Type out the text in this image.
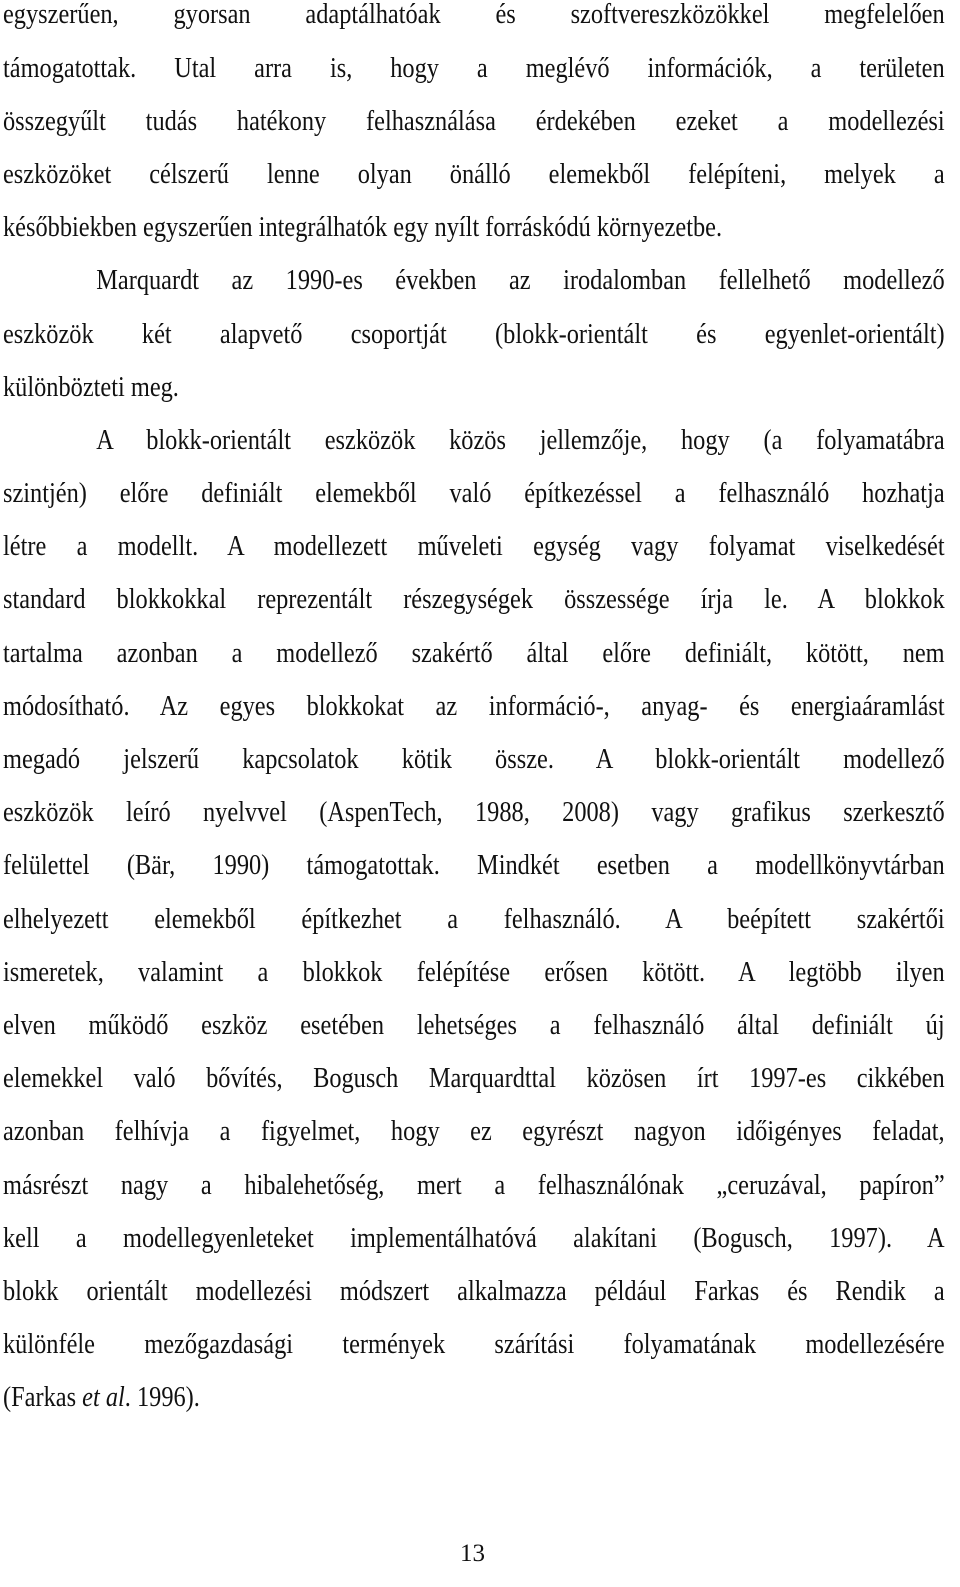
egyszerűen, gyorsan adaptálhatóak és szoftvereszközökkel megfelelően
támogatottak. Utal arra is, hogy a meglévő információk, a területen
összegyűlt tudás hatékony felhasználása érdekében ezeket a modellezési
eszközöket célszerű lenne olyan önálló elemekből felépíteni, melyek a
későbbiekben egyszerűen integrálhatók egy nyílt forráskódú környezetbe.
Marquardt az 1990-es években az irodalomban fellelhető modellező
eszközök két alapvető csoportját (blokk-orientált és egyenlet-orientált)
különbözteti meg.
A blokk-orientált eszközök közös jellemzője, hogy (a folyamatábra
szintjén) előre definiált elemekből való építkezéssel a felhasználó hozhatja
létre a modellt. A modellezett műveleti egység vagy folyamat viselkedését
standard blokkokkal reprezentált részegységek összessége írja le. A blokkok
tartalma azonban a modellező szakértő által előre definiált, kötött, nem
módosítható. Az egyes blokkokat az információ-, anyag- és energiaáramlást
megadó jelszerű kapcsolatok kötik össze. A blokk-orientált modellező
eszközök leíró nyelvvel (AspenTech, 1988, 2008) vagy grafikus szerkesztő
felülettel (Bär, 1990) támogatottak. Mindkét esetben a modellkönyvtárban
elhelyezett elemekből építkezhet a felhasználó. A beépített szakértői
ismeretek, valamint a blokkok felépítése erősen kötött. A legtöbb ilyen
elven működő eszköz esetében lehetséges a felhasználó által definiált új
elemekkel való bővítés, Bogusch Marquardttal közösen írt 1997-es cikkében
azonban felhívja a figyelmet, hogy ez egyrészt nagyon időigényes feladat,
másrészt nagy a hibalehetőség, mert a felhasználónak „ceruzával, papíron”
kell a modellegyenleteket implementálhatóvá alakítani (Bogusch, 1997). A
blokk orientált modellezési módszert alkalmazza például Farkas és Rendik a
különféle mezőgazdasági termények szárítási folyamatának modellezésére
(Farkas et al. 1996).
13
